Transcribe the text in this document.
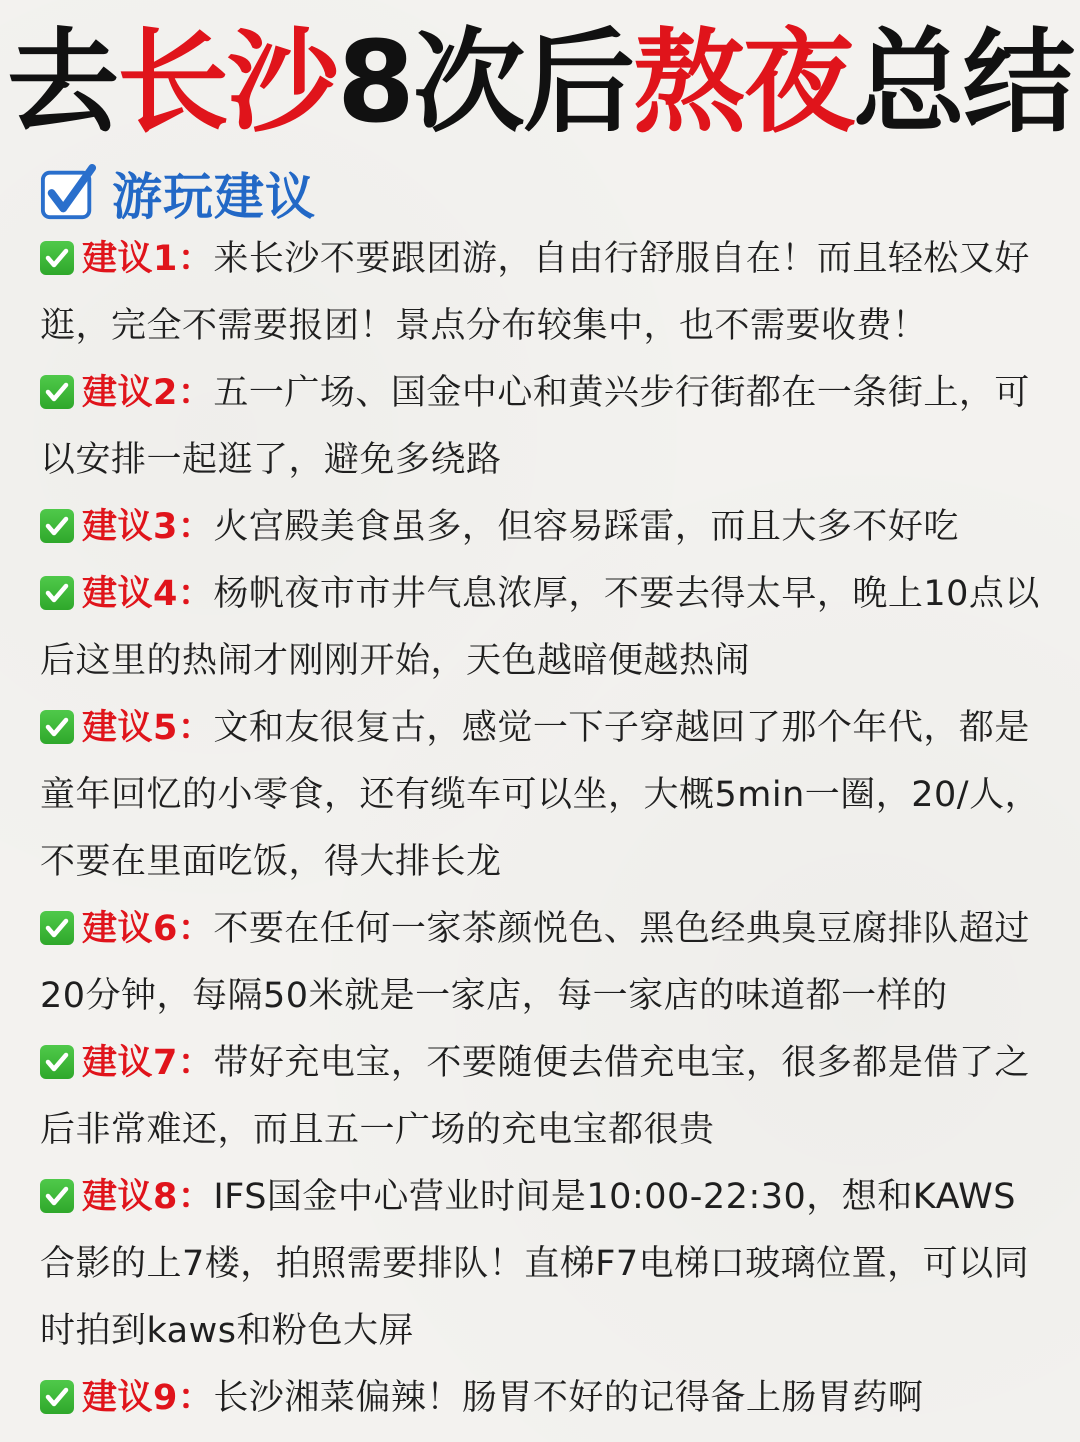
去长沙8次后熬夜总结
游玩建议
建议1：来长沙不要跟团游，自由行舒服自在！而且轻松又好逛，完全不需要报团！景点分布较集中，也不需要收费！
建议2：五一广场、国金中心和黄兴步行街都在一条街上，可以安排一起逛了，避免多绕路
建议3：火宫殿美食虽多，但容易踩雷，而且大多不好吃
建议4：杨帆夜市市井气息浓厚，不要去得太早，晚上10点以后这里的热闹才刚刚开始，天色越暗便越热闹
建议5：文和友很复古，感觉一下子穿越回了那个年代，都是童年回忆的小零食，还有缆车可以坐，大概5min一圈，20/人，不要在里面吃饭，得大排长龙
建议6：不要在任何一家茶颜悦色、黑色经典臭豆腐排队超过20分钟，每隔50米就是一家店，每一家店的味道都一样的
建议7：带好充电宝，不要随便去借充电宝，很多都是借了之后非常难还，而且五一广场的充电宝都很贵
建议8：IFS国金中心营业时间是10:00-22:30，想和KAWS合影的上7楼，拍照需要排队！直梯F7电梯口玻璃位置，可以同时拍到kaws和粉色大屏
建议9：长沙湘菜偏辣！肠胃不好的记得备上肠胃药啊
